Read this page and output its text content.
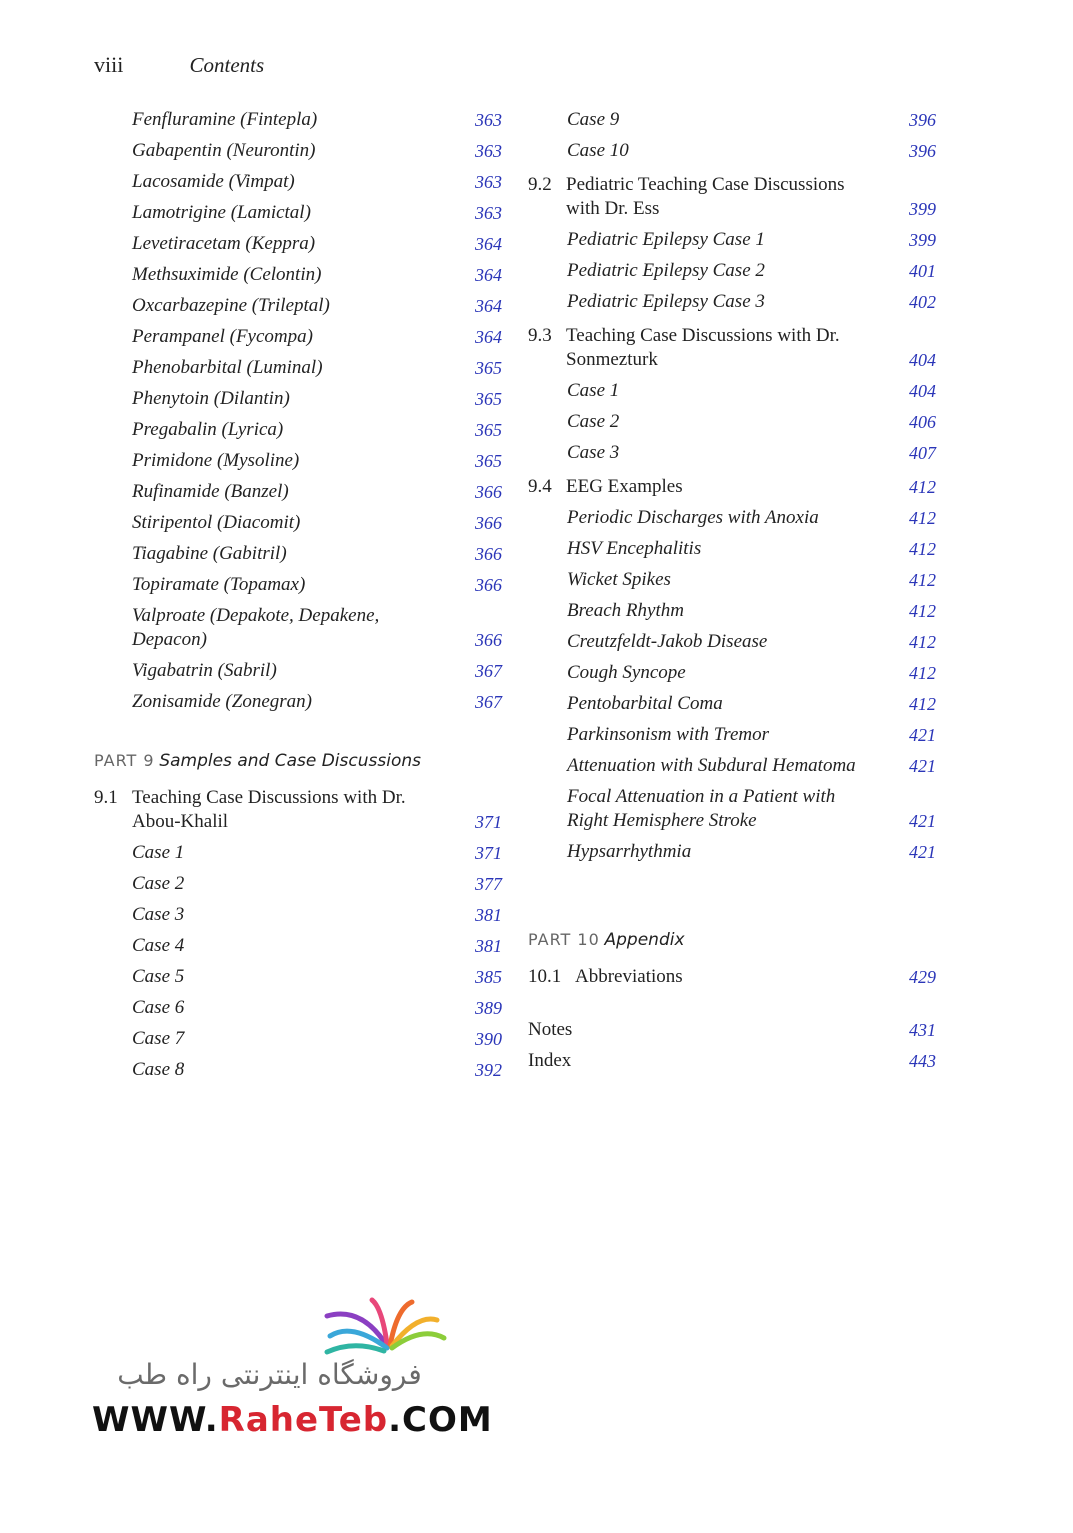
viii	Contents
Fenfluramine (Fintepla)	363
Gabapentin (Neurontin)	363
Lacosamide (Vimpat)	363
Lamotrigine (Lamictal)	363
Levetiracetam (Keppra)	364
Methsuximide (Celontin)	364
Oxcarbazepine (Trileptal)	364
Perampanel (Fycompa)	364
Phenobarbital (Luminal)	365
Phenytoin (Dilantin)	365
Pregabalin (Lyrica)	365
Primidone (Mysoline)	365
Rufinamide (Banzel)	366
Stiripentol (Diacomit)	366
Tiagabine (Gabitril)	366
Topiramate (Topamax)	366
Valproate (Depakote, Depakene, Depacon)	366
Vigabatrin (Sabril)	367
Zonisamide (Zonegran)	367
PART 9 Samples and Case Discussions
9.1 Teaching Case Discussions with Dr. Abou-Khalil	371
Case 1	371
Case 2	377
Case 3	381
Case 4	381
Case 5	385
Case 6	389
Case 7	390
Case 8	392
Case 9	396
Case 10	396
9.2 Pediatric Teaching Case Discussions with Dr. Ess	399
Pediatric Epilepsy Case 1	399
Pediatric Epilepsy Case 2	401
Pediatric Epilepsy Case 3	402
9.3 Teaching Case Discussions with Dr. Sonmezturk	404
Case 1	404
Case 2	406
Case 3	407
9.4 EEG Examples	412
Periodic Discharges with Anoxia	412
HSV Encephalitis	412
Wicket Spikes	412
Breach Rhythm	412
Creutzfeldt-Jakob Disease	412
Cough Syncope	412
Pentobarbital Coma	412
Parkinsonism with Tremor	421
Attenuation with Subdural Hematoma	421
Focal Attenuation in a Patient with Right Hemisphere Stroke	421
Hypsarrhythmia	421
PART 10 Appendix
10.1 Abbreviations	429
Notes	431
Index	443
فروشگاه اینترنتی راه طب
WWW.RaheTeb.COM
